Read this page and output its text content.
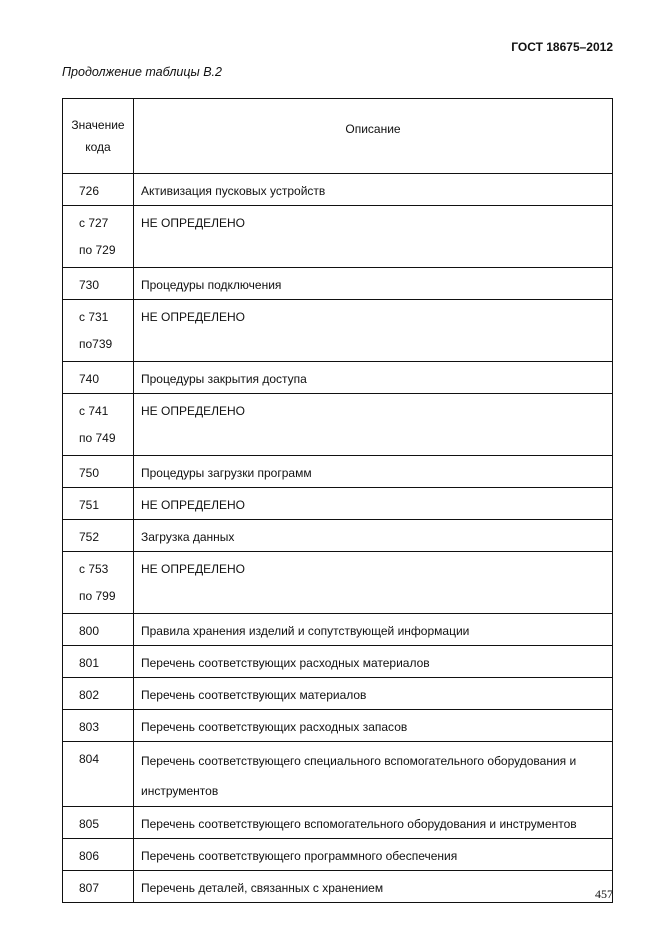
ГОСТ 18675–2012
Продолжение таблицы В.2
Значение
кода	Описание

726	Активизация пусковых устройств

с 727
по 729	НЕ ОПРЕДЕЛЕНО

730	Процедуры подключения

с 731
по739	НЕ ОПРЕДЕЛЕНО

740	Процедуры закрытия доступа

с 741
по 749	НЕ ОПРЕДЕЛЕНО

750	Процедуры загрузки программ

751	НЕ ОПРЕДЕЛЕНО

752	Загрузка данных

с 753
по 799	НЕ ОПРЕДЕЛЕНО

800	Правила хранения изделий и сопутствующей информации

801	Перечень соответствующих расходных материалов

802	Перечень соответствующих материалов

803	Перечень соответствующих расходных запасов

804	Перечень соответствующего специального вспомогательного оборудования и инструментов

805	Перечень соответствующего вспомогательного оборудования и инструментов

806	Перечень соответствующего программного обеспечения

807	Перечень деталей, связанных с хранением	457
